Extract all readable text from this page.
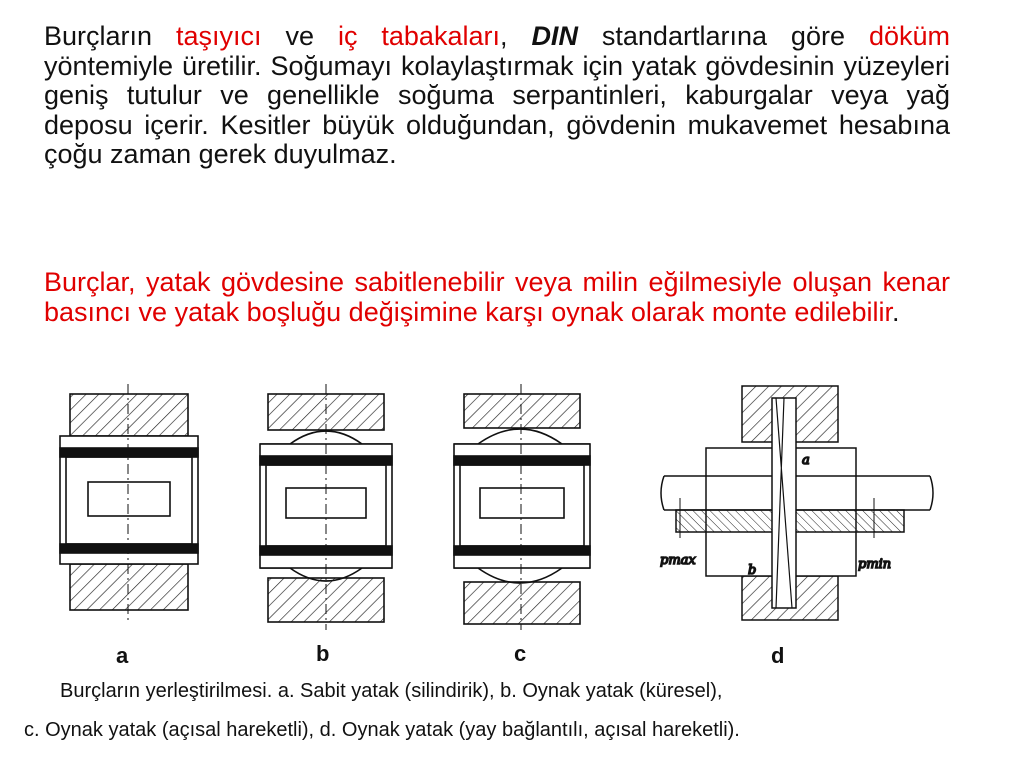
Burçların taşıyıcı ve iç tabakaları, DIN standartlarına göre döküm yöntemiyle üretilir. Soğumayı kolaylaştırmak için yatak gövdesinin yüzeyleri geniş tutulur ve genellikle soğuma serpantinleri, kaburgalar veya yağ deposu içerir. Kesitler büyük olduğundan, gövdenin mukavemet hesabına çoğu zaman gerek duyulmaz.

Burçlar, yatak gövdesine sabitlenebilir veya milin eğilmesiyle oluşan kenar basıncı ve yatak boşluğu değişimine karşı oynak olarak monte edilebilir.

a
b
pmax	pmin
a	b	c	d
Burçların yerleştirilmesi. a. Sabit yatak (silindirik), b. Oynak yatak (küresel),
c. Oynak yatak (açısal hareketli), d. Oynak yatak (yay bağlantılı, açısal hareketli).
